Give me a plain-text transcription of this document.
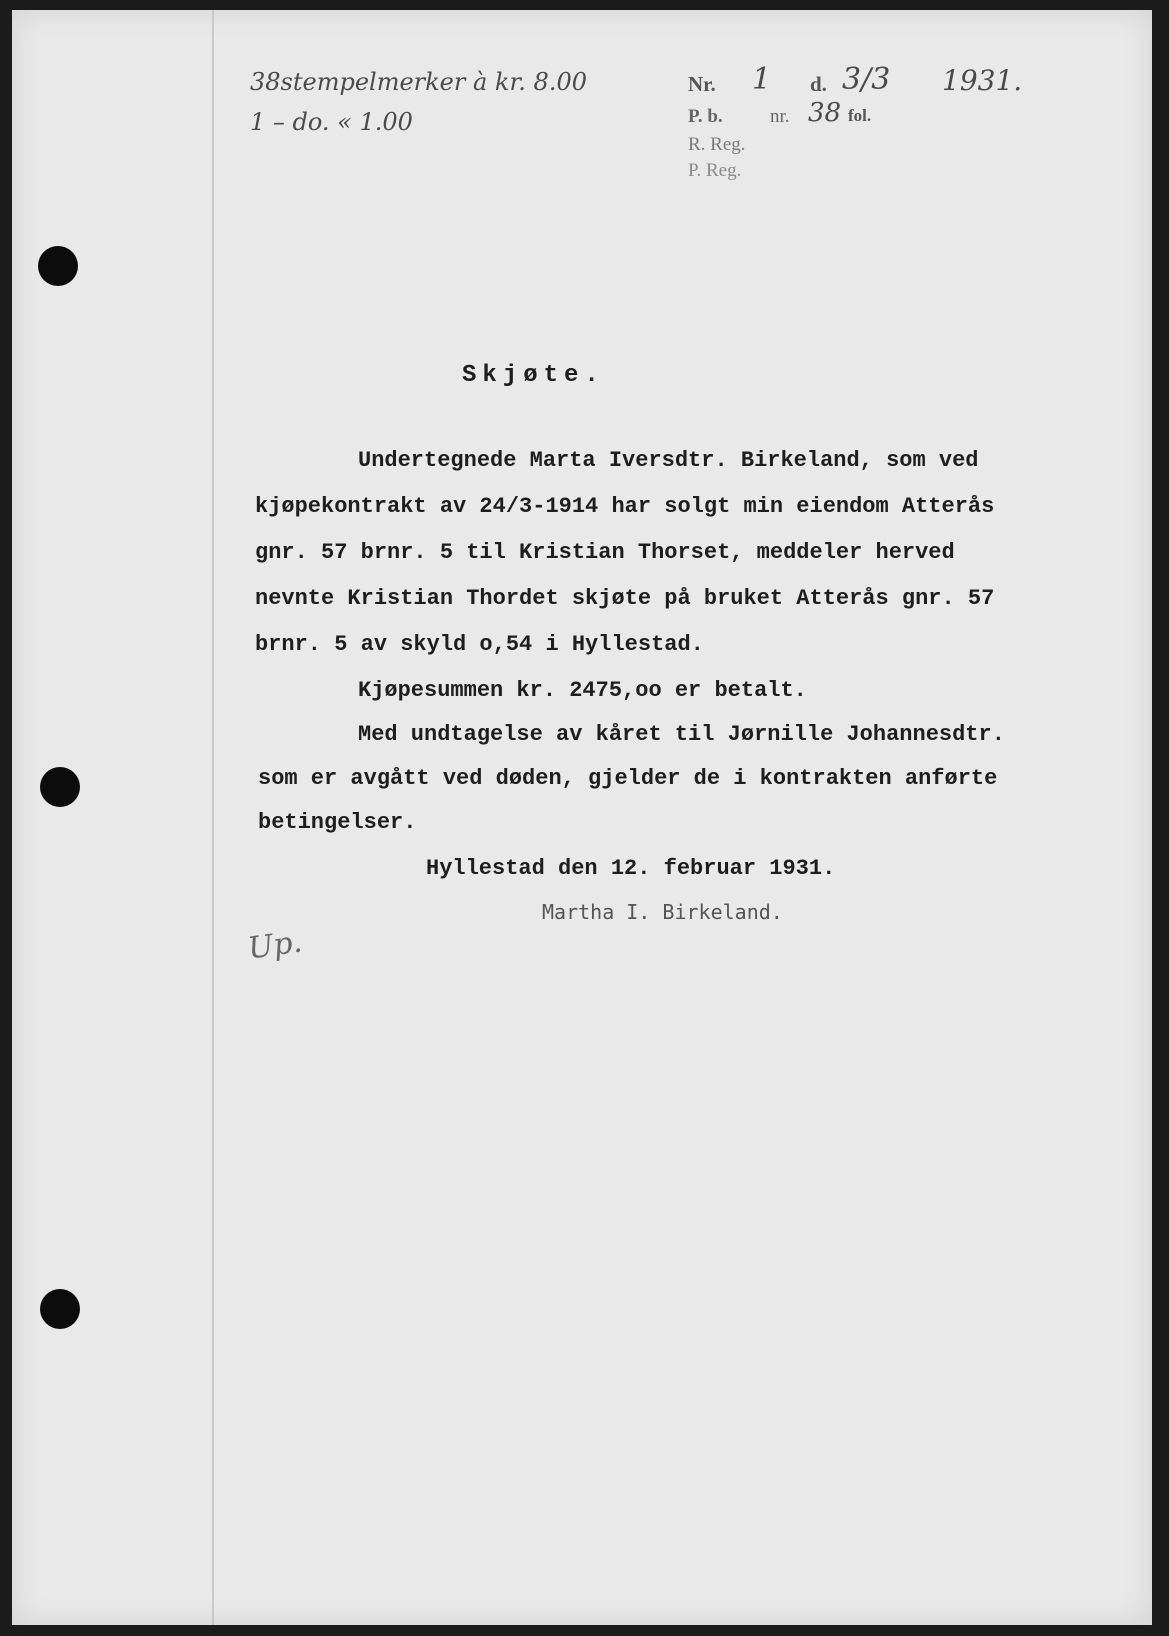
38stempelmerker à kr. 8.00
1 – do. « 1.00
Nr. 1 d. 3/3 1931.
P. b. nr. 38 fol.
R. Reg.
P. Reg.
Skjøte.
Undertegnede Marta Iversdtr. Birkeland, som ved
kjøpekontrakt av 24/3-1914 har solgt min eiendom Atterås
gnr. 57 brnr. 5 til Kristian Thorset, meddeler herved
nevnte Kristian Thordet skjøte på bruket Atterås gnr. 57
brnr. 5 av skyld o,54 i Hyllestad.
Kjøpesummen kr. 2475,oo er betalt.
Med undtagelse av kåret til Jørnille Johannesdtr.
som er avgått ved døden, gjelder de i kontrakten anførte
betingelser.
Hyllestad den 12. februar 1931.
Martha I. Birkeland.
Up.
